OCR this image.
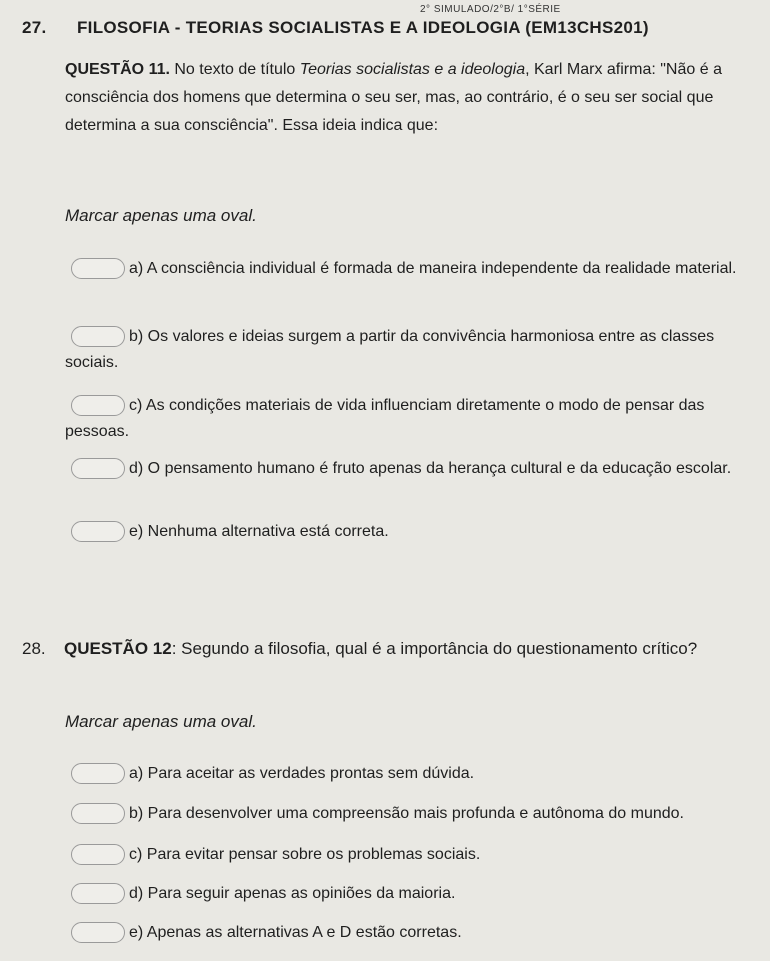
2° SIMULADO/2°B/ 1°SÉRIE
27. FILOSOFIA - TEORIAS SOCIALISTAS E A IDEOLOGIA (EM13CHS201)
QUESTÃO 11. No texto de título Teorias socialistas e a ideologia, Karl Marx afirma: "Não é a consciência dos homens que determina o seu ser, mas, ao contrário, é o seu ser social que determina a sua consciência". Essa ideia indica que:
Marcar apenas uma oval.
a) A consciência individual é formada de maneira independente da realidade material.
b) Os valores e ideias surgem a partir da convivência harmoniosa entre as classes sociais.
c) As condições materiais de vida influenciam diretamente o modo de pensar das pessoas.
d) O pensamento humano é fruto apenas da herança cultural e da educação escolar.
e) Nenhuma alternativa está correta.
28. QUESTÃO 12: Segundo a filosofia, qual é a importância do questionamento crítico?
Marcar apenas uma oval.
a) Para aceitar as verdades prontas sem dúvida.
b) Para desenvolver uma compreensão mais profunda e autônoma do mundo.
c) Para evitar pensar sobre os problemas sociais.
d) Para seguir apenas as opiniões da maioria.
e) Apenas as alternativas A e D estão corretas.
